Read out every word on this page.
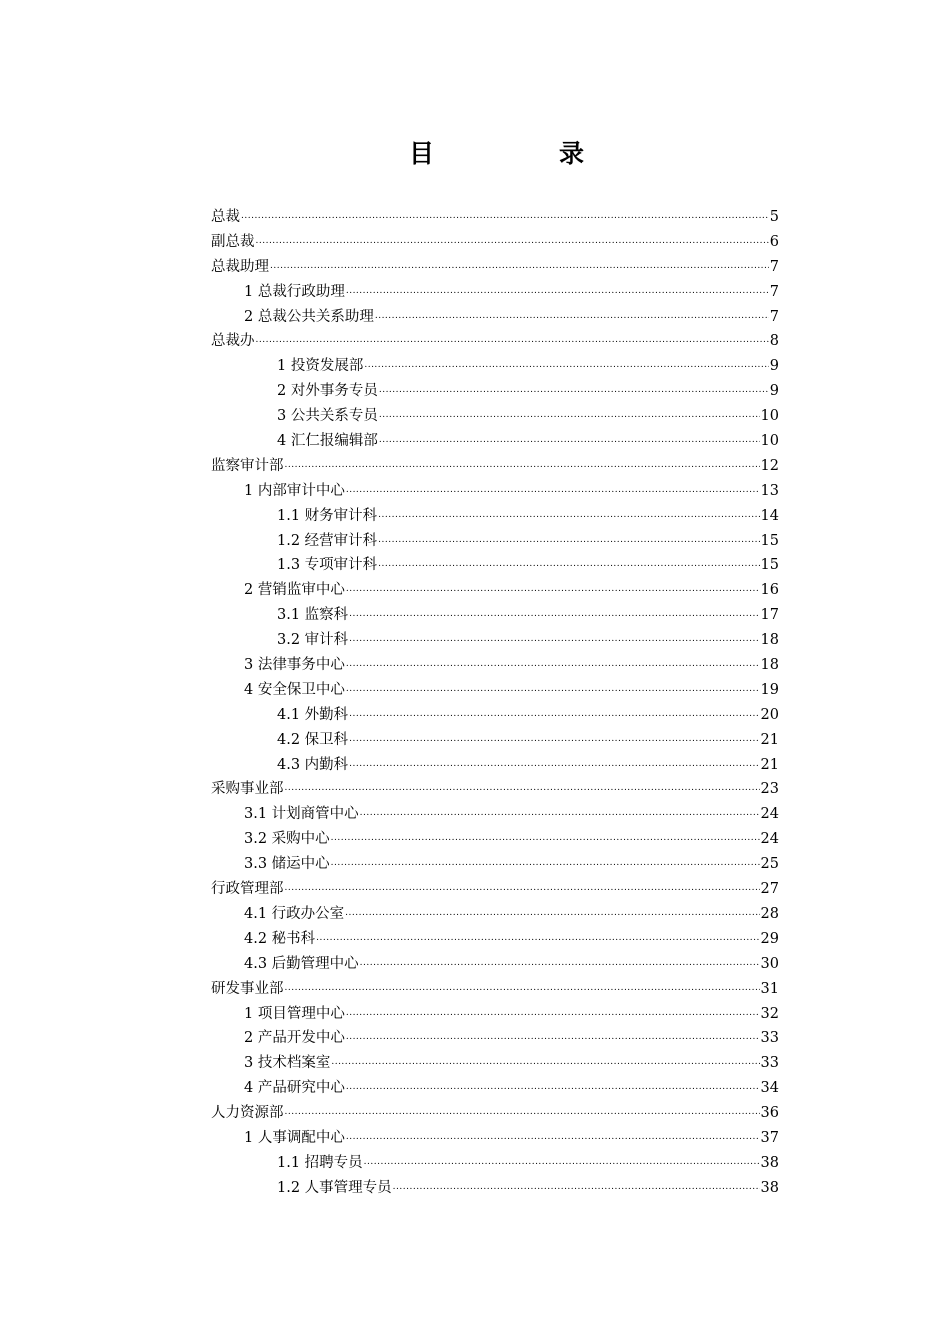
目	录
总裁 .....	5
副总裁 .....	6
总裁助理 .....	7
1 总裁行政助理 .....	7
2 总裁公共关系助理 .....	7
总裁办 .....	8
1 投资发展部 .....	9
2 对外事务专员 .....	9
3 公共关系专员 .....	10
4 汇仁报编辑部 .....	10
监察审计部 .....	12
1 内部审计中心 .....	13
1.1 财务审计科 .....	14
1.2 经营审计科 .....	15
1.3 专项审计科 .....	15
2 营销监审中心 .....	16
3.1 监察科 .....	17
3.2 审计科 .....	18
3 法律事务中心 .....	18
4 安全保卫中心 .....	19
4.1 外勤科 .....	20
4.2 保卫科 .....	21
4.3 内勤科 .....	21
采购事业部 .....	23
3.1 计划商管中心 .....	24
3.2 采购中心 .....	24
3.3 储运中心 .....	25
行政管理部 .....	27
4.1 行政办公室 .....	28
4.2 秘书科 .....	29
4.3 后勤管理中心 .....	30
研发事业部 .....	31
1 项目管理中心 .....	32
2 产品开发中心 .....	33
3 技术档案室 .....	33
4 产品研究中心 .....	34
人力资源部 .....	36
1 人事调配中心 .....	37
1.1 招聘专员 .....	38
1.2 人事管理专员 .....	38
